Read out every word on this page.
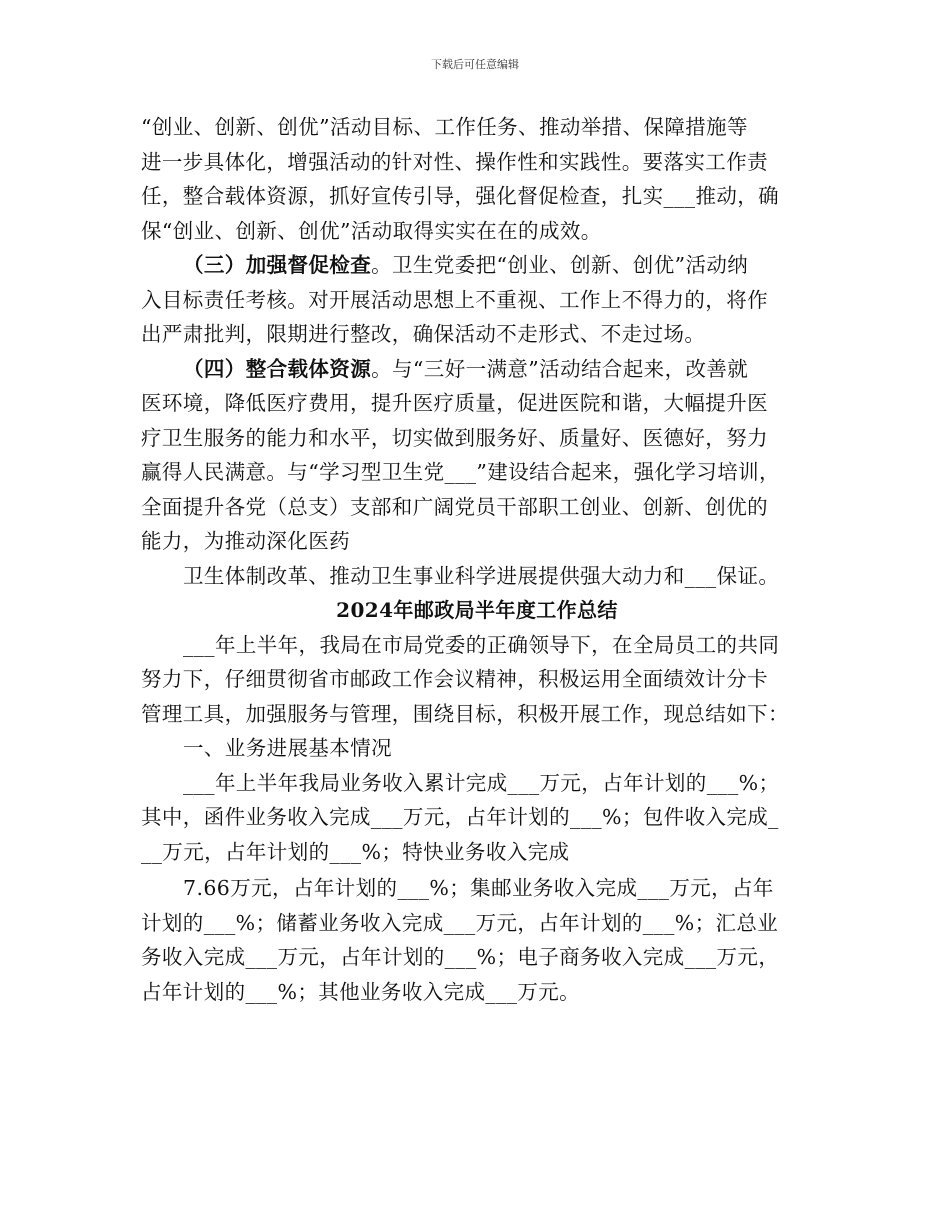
下载后可任意编辑
“创业、创新、创优”活动目标、工作任务、推动举措、保障措施等
进一步具体化，增强活动的针对性、操作性和实践性。要落实工作责
任，整合载体资源，抓好宣传引导，强化督促检查，扎实___推动，确
保“创业、创新、创优”活动取得实实在在的成效。
（三）加强督促检查。卫生党委把“创业、创新、创优”活动纳
入目标责任考核。对开展活动思想上不重视、工作上不得力的，将作
出严肃批判，限期进行整改，确保活动不走形式、不走过场。
（四）整合载体资源。与“三好一满意”活动结合起来，改善就
医环境，降低医疗费用，提升医疗质量，促进医院和谐，大幅提升医
疗卫生服务的能力和水平，切实做到服务好、质量好、医德好，努力
赢得人民满意。与“学习型卫生党___”建设结合起来，强化学习培训，
全面提升各党（总支）支部和广阔党员干部职工创业、创新、创优的
能力，为推动深化医药
卫生体制改革、推动卫生事业科学进展提供强大动力和___保证。
2024年邮政局半年度工作总结
___年上半年，我局在市局党委的正确领导下，在全局员工的共同
努力下，仔细贯彻省市邮政工作会议精神，积极运用全面绩效计分卡
管理工具，加强服务与管理，围绕目标，积极开展工作，现总结如下：
一、业务进展基本情况
___年上半年我局业务收入累计完成___万元，占年计划的___%；
其中，函件业务收入完成___万元，占年计划的___%；包件收入完成_
__万元，占年计划的___%；特快业务收入完成
7.66万元，占年计划的___%；集邮业务收入完成___万元，占年
计划的___%；储蓄业务收入完成___万元，占年计划的___%；汇总业
务收入完成___万元，占年计划的___%；电子商务收入完成___万元，
占年计划的___%；其他业务收入完成___万元。
